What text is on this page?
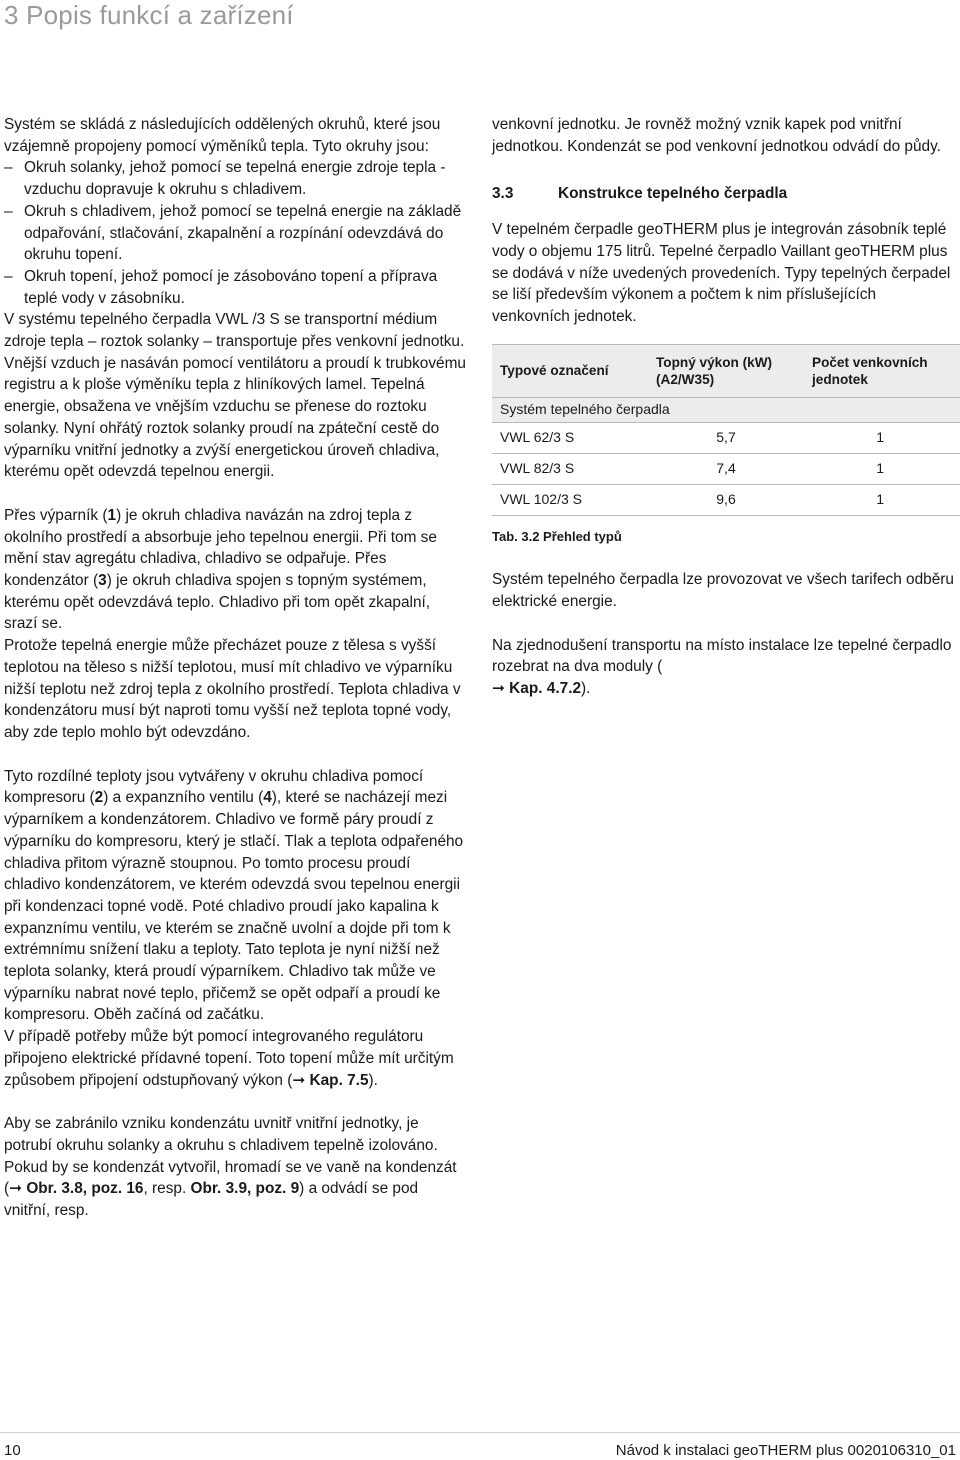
3 Popis funkcí a zařízení

Systém se skládá z následujících oddělených okruhů, které jsou vzájemně propojeny pomocí výměníků tepla. Tyto okruhy jsou:

– Okruh solanky, jehož pomocí se tepelná energie zdroje tepla - vzduchu dopravuje k okruhu s chladivem.
– Okruh s chladivem, jehož pomocí se tepelná energie na základě odpařování, stlačování, zkapalnění a rozpínání odevzdává do okruhu topení.
– Okruh topení, jehož pomocí je zásobováno topení a příprava teplé vody v zásobníku.

V systému tepelného čerpadla VWL /3 S se transportní médium zdroje tepla – roztok solanky – transportuje přes venkovní jednotku. Vnější vzduch je nasáván pomocí ventilátoru a proudí k trubkovému registru a k ploše výměníku tepla z hliníkových lamel. Tepelná energie, obsažena ve vnějším vzduchu se přenese do roztoku solanky. Nyní ohřátý roztok solanky proudí na zpáteční cestě do výparníku vnitřní jednotky a zvýší energetickou úroveň chladiva, kterému opět odevzdá tepelnou energii.

Přes výparník (1) je okruh chladiva navázán na zdroj tepla z okolního prostředí a absorbuje jeho tepelnou energii. Při tom se mění stav agregátu chladiva, chladivo se odpařuje. Přes kondenzátor (3) je okruh chladiva spojen s topným systémem, kterému opět odevzdává teplo. Chladivo při tom opět zkapalní, srazí se.

Protože tepelná energie může přecházet pouze z tělesa s vyšší teplotou na těleso s nižší teplotou, musí mít chladivo ve výparníku nižší teplotu než zdroj tepla z okolního prostředí. Teplota chladiva v kondenzátoru musí být naproti tomu vyšší než teplota topné vody, aby zde teplo mohlo být odevzdáno.

Tyto rozdílné teploty jsou vytvářeny v okruhu chladiva pomocí kompresoru (2) a expanzního ventilu (4), které se nacházejí mezi výparníkem a kondenzátorem. Chladivo ve formě páry proudí z výparníku do kompresoru, který je stlačí. Tlak a teplota odpařeného chladiva přitom výrazně stoupnou. Po tomto procesu proudí chladivo kondenzátorem, ve kterém odevzdá svou tepelnou energii při kondenzaci topné vodě. Poté chladivo proudí jako kapalina k expanznímu ventilu, ve kterém se značně uvolní a dojde při tom k extrémnímu snížení tlaku a teploty. Tato teplota je nyní nižší než teplota solanky, která proudí výparníkem. Chladivo tak může ve výparníku nabrat nové teplo, přičemž se opět odpaří a proudí ke kompresoru. Oběh začíná od začátku.

V případě potřeby může být pomocí integrovaného regulátoru připojeno elektrické přídavné topení. Toto topení může mít určitým způsobem připojení odstupňovaný výkon (➞ Kap. 7.5).

Aby se zabránilo vzniku kondenzátu uvnitř vnitřní jednotky, je potrubí okruhu solanky a okruhu s chladivem tepelně izolováno. Pokud by se kondenzát vytvořil, hromadí se ve vaně na kondenzát (➞ Obr. 3.8, poz. 16, resp. Obr. 3.9, poz. 9) a odvádí se pod vnitřní, resp.

venkovní jednotku. Je rovněž možný vznik kapek pod vnitřní jednotkou. Kondenzát se pod venkovní jednotkou odvádí do půdy.

3.3	Konstrukce tepelného čerpadla

V tepelném čerpadle geoTHERM plus je integrován zásobník teplé vody o objemu 175 litrů. Tepelné čerpadlo Vaillant geoTHERM plus se dodává v níže uvedených provedeních. Typy tepelných čerpadel se liší především výkonem a počtem k nim příslušejících venkovních jednotek.

Typové označení	Topný výkon (kW) (A2/W35)	Počet venkovních jednotek
Systém tepelného čerpadla		
VWL 62/3 S	5,7	1
VWL 82/3 S	7,4	1
VWL 102/3 S	9,6	1
Tab. 3.2 Přehled typů

Systém tepelného čerpadla lze provozovat ve všech tarifech odběru elektrické energie.

Na zjednodušení transportu na místo instalace lze tepelné čerpadlo rozebrat na dva moduly (
➞ Kap. 4.7.2).

10	Návod k instalaci geoTHERM plus 0020106310_01
